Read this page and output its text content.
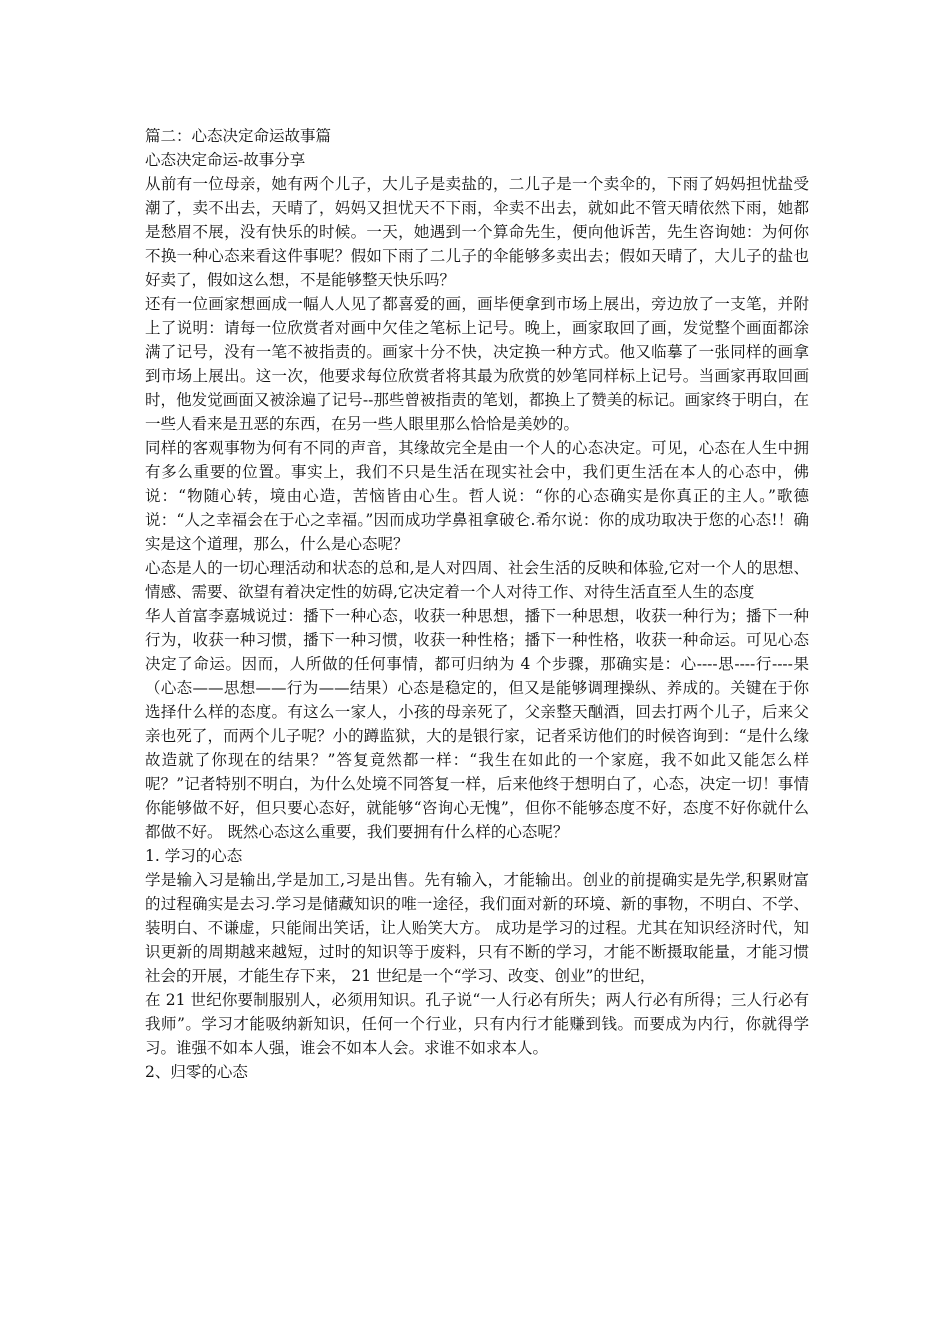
篇二：心态决定命运故事篇

心态决定命运-故事分享

从前有一位母亲，她有两个儿子，大儿子是卖盐的，二儿子是一个卖伞的，下雨了妈妈担忧盐受潮了，卖不出去，天晴了，妈妈又担忧天不下雨，伞卖不出去，就如此不管天晴依然下雨，她都是愁眉不展，没有快乐的时候。一天，她遇到一个算命先生，便向他诉苦，先生咨询她：为何你不换一种心态来看这件事呢？假如下雨了二儿子的伞能够多卖出去；假如天晴了，大儿子的盐也好卖了，假如这么想，不是能够整天快乐吗？

还有一位画家想画成一幅人人见了都喜爱的画，画毕便拿到市场上展出，旁边放了一支笔，并附上了说明：请每一位欣赏者对画中欠佳之笔标上记号。晚上，画家取回了画，发觉整个画面都涂满了记号，没有一笔不被指责的。画家十分不快，决定换一种方式。他又临摹了一张同样的画拿到市场上展出。这一次，他要求每位欣赏者将其最为欣赏的妙笔同样标上记号。当画家再取回画时，他发觉画面又被涂遍了记号--那些曾被指责的笔划，都换上了赞美的标记。画家终于明白，在一些人看来是丑恶的东西，在另一些人眼里那么恰恰是美妙的。

同样的客观事物为何有不同的声音，其缘故完全是由一个人的心态决定。可见，心态在人生中拥有多么重要的位置。事实上，我们不只是生活在现实社会中，我们更生活在本人的心态中，佛说：“物随心转，境由心造，苦恼皆由心生。哲人说：“你的心态确实是你真正的主人。”歌德说：“人之幸福会在于心之幸福。”因而成功学鼻祖拿破仑.希尔说：你的成功取决于您的心态!！确实是这个道理，那么，什么是心态呢？

心态是人的一切心理活动和状态的总和,是人对四周、社会生活的反映和体验,它对一个人的思想、情感、需要、欲望有着决定性的妨碍,它决定着一个人对待工作、对待生活直至人生的态度

华人首富李嘉城说过：播下一种心态，收获一种思想，播下一种思想，收获一种行为；播下一种行为，收获一种习惯，播下一种习惯，收获一种性格；播下一种性格，收获一种命运。可见心态决定了命运。因而，人所做的任何事情，都可归纳为 4 个步骤，那确实是：心----思----行----果（心态——思想——行为——结果）心态是稳定的，但又是能够调理操纵、养成的。关键在于你选择什么样的态度。有这么一家人，小孩的母亲死了，父亲整天酗酒，回去打两个儿子，后来父亲也死了，而两个儿子呢？小的蹲监狱，大的是银行家，记者采访他们的时候咨询到：“是什么缘故造就了你现在的结果？”答复竟然都一样：“我生在如此的一个家庭，我不如此又能怎么样呢？”记者特别不明白，为什么处境不同答复一样，后来他终于想明白了，心态，决定一切！事情你能够做不好，但只要心态好，就能够“咨询心无愧”，但你不能够态度不好，态度不好你就什么都做不好。 既然心态这么重要，我们要拥有什么样的心态呢？

1. 学习的心态

学是输入习是输出,学是加工,习是出售。先有输入，才能输出。创业的前提确实是先学,积累财富的过程确实是去习.学习是储藏知识的唯一途径，我们面对新的环境、新的事物，不明白、不学、装明白、不谦虚，只能闹出笑话，让人贻笑大方。 成功是学习的过程。尤其在知识经济时代，知识更新的周期越来越短，过时的知识等于废料，只有不断的学习，才能不断摄取能量，才能习惯社会的开展，才能生存下来， 21 世纪是一个“学习、改变、创业”的世纪，

在 21 世纪你要制服别人，必须用知识。孔子说“一人行必有所失；两人行必有所得；三人行必有我师”。学习才能吸纳新知识，任何一个行业，只有内行才能赚到钱。而要成为内行，你就得学习。谁强不如本人强，谁会不如本人会。求谁不如求本人。

2、归零的心态
